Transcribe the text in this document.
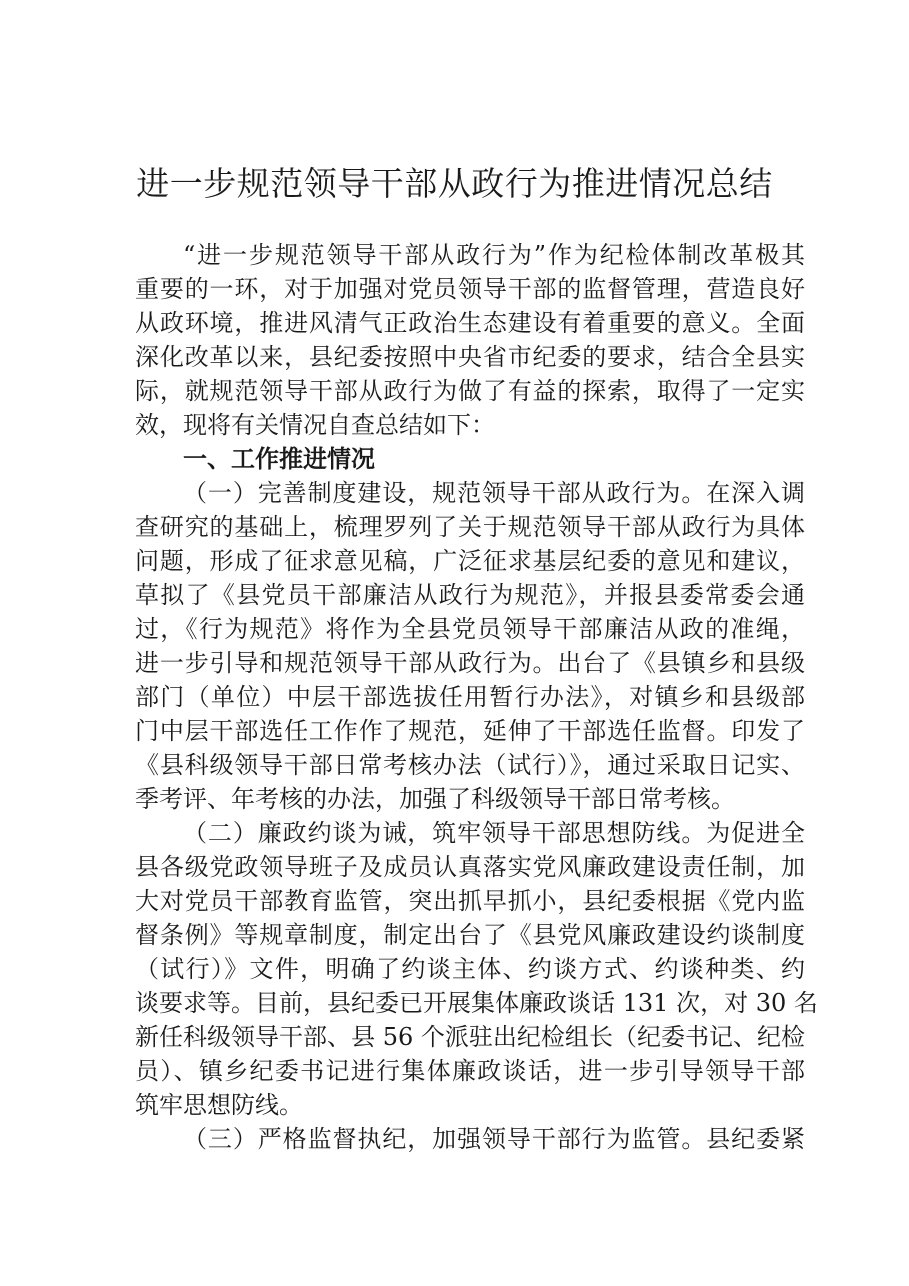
进一步规范领导干部从政行为推进情况总结
“进一步规范领导干部从政行为”作为纪检体制改革极其
重要的一环，对于加强对党员领导干部的监督管理，营造良好
从政环境，推进风清气正政治生态建设有着重要的意义。全面
深化改革以来，县纪委按照中央省市纪委的要求，结合全县实
际，就规范领导干部从政行为做了有益的探索，取得了一定实
效，现将有关情况自查总结如下：
一、工作推进情况
（一）完善制度建设，规范领导干部从政行为。在深入调
查研究的基础上，梳理罗列了关于规范领导干部从政行为具体
问题，形成了征求意见稿，广泛征求基层纪委的意见和建议，
草拟了《县党员干部廉洁从政行为规范》，并报县委常委会通
过，《行为规范》将作为全县党员领导干部廉洁从政的准绳，
进一步引导和规范领导干部从政行为。出台了《县镇乡和县级
部门（单位）中层干部选拔任用暂行办法》，对镇乡和县级部
门中层干部选任工作作了规范，延伸了干部选任监督。印发了
《县科级领导干部日常考核办法（试行）》，通过采取日记实、
季考评、年考核的办法，加强了科级领导干部日常考核。
（二）廉政约谈为诫，筑牢领导干部思想防线。为促进全
县各级党政领导班子及成员认真落实党风廉政建设责任制，加
大对党员干部教育监管，突出抓早抓小，县纪委根据《党内监
督条例》等规章制度，制定出台了《县党风廉政建设约谈制度
（试行）》文件，明确了约谈主体、约谈方式、约谈种类、约
谈要求等。目前，县纪委已开展集体廉政谈话 131 次，对 30 名
新任科级领导干部、县 56 个派驻出纪检组长（纪委书记、纪检
员）、镇乡纪委书记进行集体廉政谈话，进一步引导领导干部
筑牢思想防线。
（三）严格监督执纪，加强领导干部行为监管。县纪委紧
